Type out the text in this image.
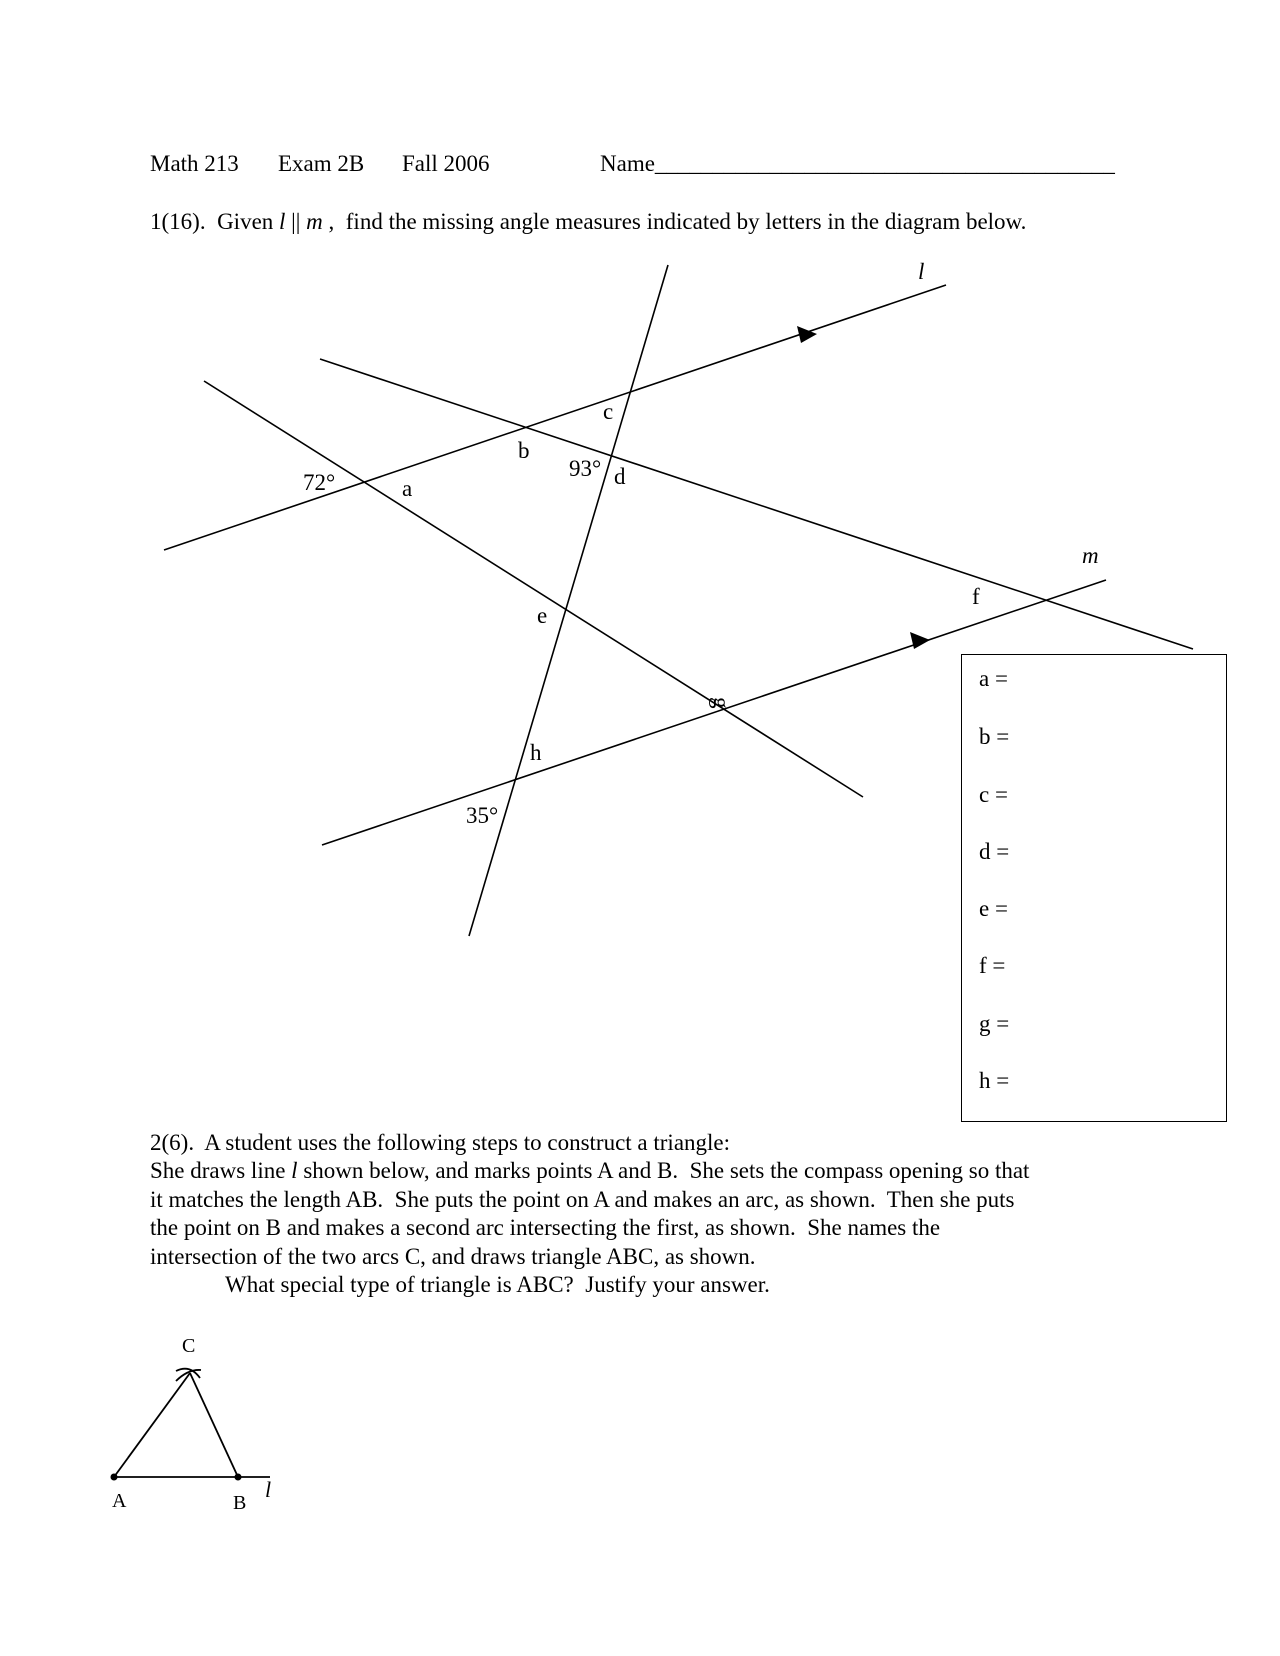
Math 213 Exam 2B Fall 2006	Name________________________________________
1(16).  Given l || m ,  find the missing angle measures indicated by letters in the diagram below.
l
m
72°	a
b
c
93° d
e
f
g
h
35°
A	B
C
l
a =
b =
c =
d =
e =
f =
g =
h =
2(6).  A student uses the following steps to construct a triangle:
She draws line l shown below, and marks points A and B.  She sets the compass opening so that
it matches the length AB.  She puts the point on A and makes an arc, as shown.  Then she puts
the point on B and makes a second arc intersecting the first, as shown.  She names the
intersection of the two arcs C, and draws triangle ABC, as shown.
What special type of triangle is ABC?  Justify your answer.
